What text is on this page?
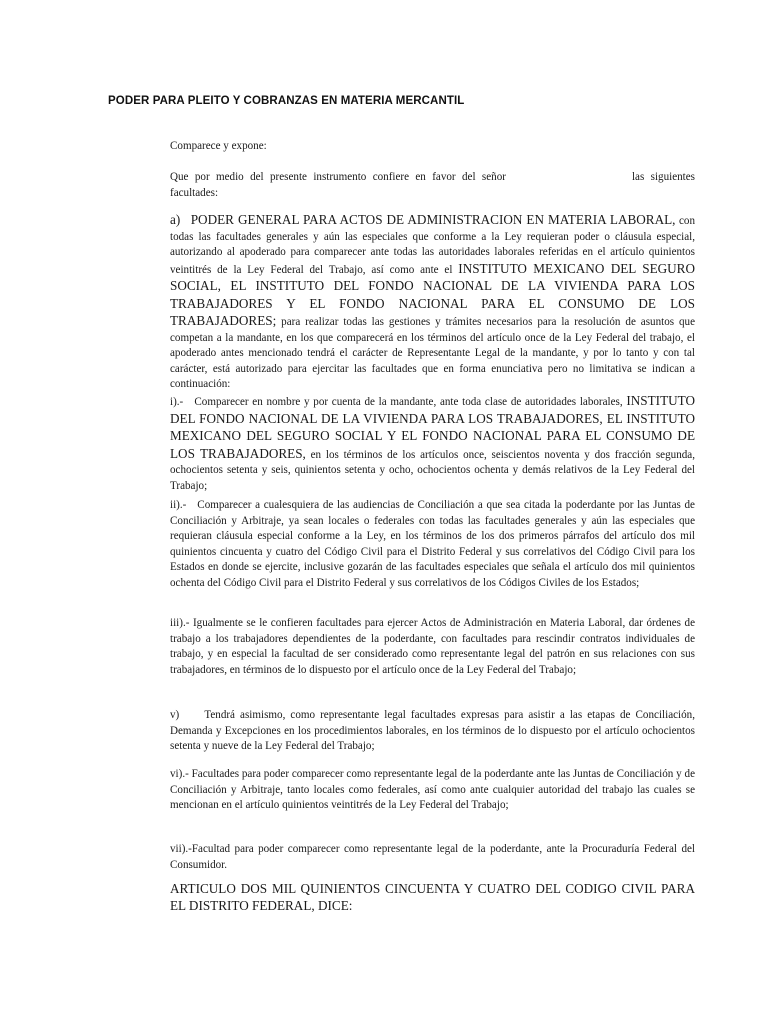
PODER PARA PLEITO Y COBRANZAS EN MATERIA MERCANTIL

Comparece y expone:

Que por medio del presente instrumento confiere en favor del señor	las siguientes facultades:

a) PODER GENERAL PARA ACTOS DE ADMINISTRACION EN MATERIA LABORAL, con todas las facultades generales y aún las especiales que conforme a la Ley requieran poder o cláusula especial, autorizando al apoderado para comparecer ante todas las autoridades laborales referidas en el artículo quinientos veintitrés de la Ley Federal del Trabajo, así como ante el INSTITUTO MEXICANO DEL SEGURO SOCIAL, EL INSTITUTO DEL FONDO NACIONAL DE LA VIVIENDA PARA LOS TRABAJADORES Y EL FONDO NACIONAL PARA EL CONSUMO DE LOS TRABAJADORES; para realizar todas las gestiones y trámites necesarios para la resolución de asuntos que competan a la mandante, en los que comparecerá en los términos del artículo once de la Ley Federal del trabajo, el apoderado antes mencionado tendrá el carácter de Representante Legal de la mandante, y por lo tanto y con tal carácter, está autorizado para ejercitar las facultades que en forma enunciativa pero no limitativa se indican a continuación:

i).- Comparecer en nombre y por cuenta de la mandante, ante toda clase de autoridades laborales, INSTITUTO DEL FONDO NACIONAL DE LA VIVIENDA PARA LOS TRABAJADORES, EL INSTITUTO MEXICANO DEL SEGURO SOCIAL Y EL FONDO NACIONAL PARA EL CONSUMO DE LOS TRABAJADORES, en los términos de los artículos once, seiscientos noventa y dos fracción segunda, ochocientos setenta y seis, quinientos setenta y ocho, ochocientos ochenta y demás relativos de la Ley Federal del Trabajo;

ii).- Comparecer a cualesquiera de las audiencias de Conciliación a que sea citada la poderdante por las Juntas de Conciliación y Arbitraje, ya sean locales o federales con todas las facultades generales y aún las especiales que requieran cláusula especial conforme a la Ley, en los términos de los dos primeros párrafos del artículo dos mil quinientos cincuenta y cuatro del Código Civil para el Distrito Federal y sus correlativos del Código Civil para los Estados en donde se ejercite, inclusive gozarán de las facultades especiales que señala el artículo dos mil quinientos ochenta del Código Civil para el Distrito Federal y sus correlativos de los Códigos Civiles de los Estados;

iii).- Igualmente se le confieren facultades para ejercer Actos de Administración en Materia Laboral, dar órdenes de trabajo a los trabajadores dependientes de la poderdante, con facultades para rescindir contratos individuales de trabajo, y en especial la facultad de ser considerado como representante legal del patrón en sus relaciones con sus trabajadores, en términos de lo dispuesto por el artículo once de la Ley Federal del Trabajo;

v) Tendrá asimismo, como representante legal facultades expresas para asistir a las etapas de Conciliación, Demanda y Excepciones en los procedimientos laborales, en los términos de lo dispuesto por el artículo ochocientos setenta y nueve de la Ley Federal del Trabajo;

vi).- Facultades para poder comparecer como representante legal de la poderdante ante las Juntas de Conciliación y de Conciliación y Arbitraje, tanto locales como federales, así como ante cualquier autoridad del trabajo las cuales se mencionan en el artículo quinientos veintitrés de la Ley Federal del Trabajo;

vii).-Facultad para poder comparecer como representante legal de la poderdante, ante la Procuraduría Federal del Consumidor.

ARTICULO DOS MIL QUINIENTOS CINCUENTA Y CUATRO DEL CODIGO CIVIL PARA EL DISTRITO FEDERAL, DICE:
